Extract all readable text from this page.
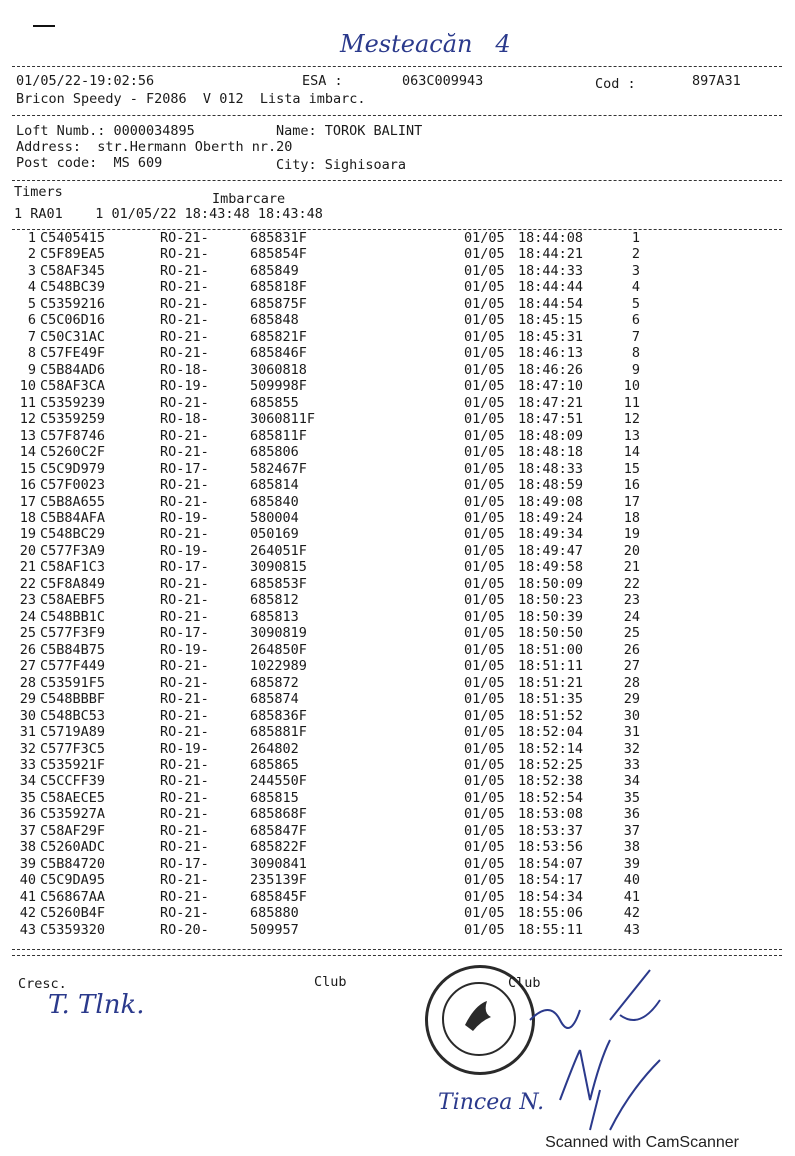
Mesteacăn   4
01/05/22-19:02:56	ESA :	063C009943	Cod :	897A31
Bricon Speedy - F2086  V 012  Lista imbarc.
Loft Numb.: 0000034895	Name: TOROK BALINT
Address:  str.Hermann Oberth nr.20
Post code:  MS 609	City: Sighisoara
Timers	Imbarcare
1 RA01    1 01/05/22 18:43:48 18:43:48
1 C5405415	RO-21-	685831F	01/05 18:44:08	1
2 C5F89EA5	RO-21-	685854F	01/05 18:44:21	2
3 C58AF345	RO-21-	685849	01/05 18:44:33	3
4 C548BC39	RO-21-	685818F	01/05 18:44:44	4
5 C5359216	RO-21-	685875F	01/05 18:44:54	5
6 C5C06D16	RO-21-	685848	01/05 18:45:15	6
7 C50C31AC	RO-21-	685821F	01/05 18:45:31	7
8 C57FE49F	RO-21-	685846F	01/05 18:46:13	8
9 C5B84AD6	RO-18-	3060818	01/05 18:46:26	9
10 C58AF3CA	RO-19-	509998F	01/05 18:47:10	10
11 C5359239	RO-21-	685855	01/05 18:47:21	11
12 C5359259	RO-18-	3060811F	01/05 18:47:51	12
13 C57F8746	RO-21-	685811F	01/05 18:48:09	13
14 C5260C2F	RO-21-	685806	01/05 18:48:18	14
15 C5C9D979	RO-17-	582467F	01/05 18:48:33	15
16 C57F0023	RO-21-	685814	01/05 18:48:59	16
17 C5B8A655	RO-21-	685840	01/05 18:49:08	17
18 C5B84AFA	RO-19-	580004	01/05 18:49:24	18
19 C548BC29	RO-21-	050169	01/05 18:49:34	19
20 C577F3A9	RO-19-	264051F	01/05 18:49:47	20
21 C58AF1C3	RO-17-	3090815	01/05 18:49:58	21
22 C5F8A849	RO-21-	685853F	01/05 18:50:09	22
23 C58AEBF5	RO-21-	685812	01/05 18:50:23	23
24 C548BB1C	RO-21-	685813	01/05 18:50:39	24
25 C577F3F9	RO-17-	3090819	01/05 18:50:50	25
26 C5B84B75	RO-19-	264850F	01/05 18:51:00	26
27 C577F449	RO-21-	1022989	01/05 18:51:11	27
28 C53591F5	RO-21-	685872	01/05 18:51:21	28
29 C548BBBF	RO-21-	685874	01/05 18:51:35	29
30 C548BC53	RO-21-	685836F	01/05 18:51:52	30
31 C5719A89	RO-21-	685881F	01/05 18:52:04	31
32 C577F3C5	RO-19-	264802	01/05 18:52:14	32
33 C535921F	RO-21-	685865	01/05 18:52:25	33
34 C5CCFF39	RO-21-	244550F	01/05 18:52:38	34
35 C58AECE5	RO-21-	685815	01/05 18:52:54	35
36 C535927A	RO-21-	685868F	01/05 18:53:08	36
37 C58AF29F	RO-21-	685847F	01/05 18:53:37	37
38 C5260ADC	RO-21-	685822F	01/05 18:53:56	38
39 C5B84720	RO-17-	3090841	01/05 18:54:07	39
40 C5C9DA95	RO-21-	235139F	01/05 18:54:17	40
41 C56867AA	RO-21-	685845F	01/05 18:54:34	41
42 C5260B4F	RO-21-	685880	01/05 18:55:06	42
43 C5359320	RO-20-	509957	01/05 18:55:11	43
Cresc.	Club
T. Tlnk.
Club
Tincea N.
Scanned with CamScanner
